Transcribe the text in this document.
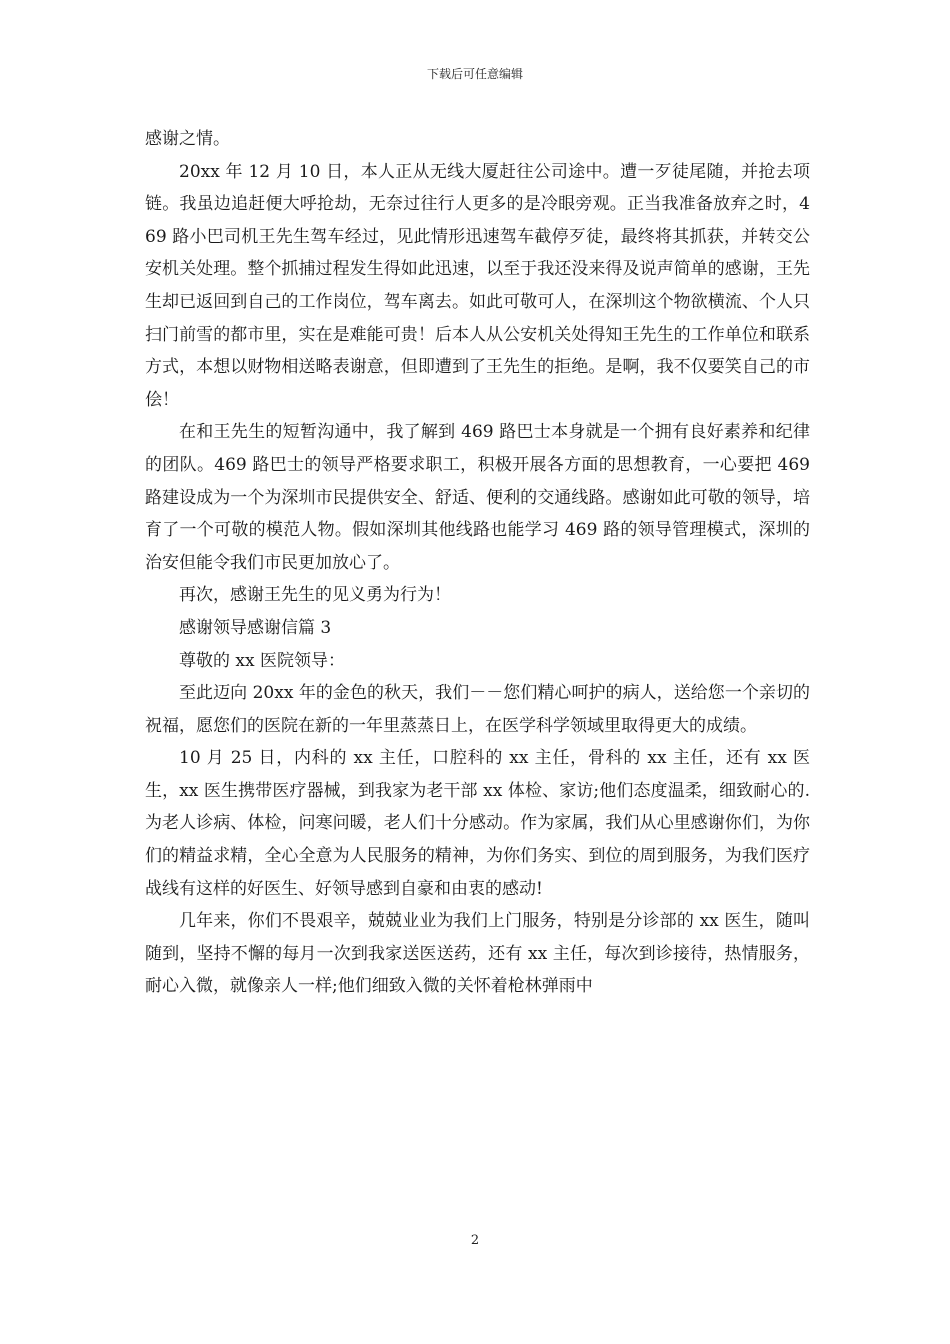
下载后可任意编辑

感谢之情。

20xx 年 12 月 10 日，本人正从无线大厦赶往公司途中。遭一歹徒尾随，并抢去项链。我虽边追赶便大呼抢劫，无奈过往行人更多的是冷眼旁观。正当我准备放弃之时，469 路小巴司机王先生驾车经过，见此情形迅速驾车截停歹徒，最终将其抓获，并转交公安机关处理。整个抓捕过程发生得如此迅速，以至于我还没来得及说声简单的感谢，王先生却已返回到自己的工作岗位，驾车离去。如此可敬可人，在深圳这个物欲横流、个人只扫门前雪的都市里，实在是难能可贵！后本人从公安机关处得知王先生的工作单位和联系方式，本想以财物相送略表谢意，但即遭到了王先生的拒绝。是啊，我不仅要笑自己的市侩！

在和王先生的短暂沟通中，我了解到 469 路巴士本身就是一个拥有良好素养和纪律的团队。469 路巴士的领导严格要求职工，积极开展各方面的思想教育，一心要把 469 路建设成为一个为深圳市民提供安全、舒适、便利的交通线路。感谢如此可敬的领导，培育了一个可敬的模范人物。假如深圳其他线路也能学习 469 路的领导管理模式，深圳的治安但能令我们市民更加放心了。

再次，感谢王先生的见义勇为行为！

感谢领导感谢信篇 3

尊敬的 xx 医院领导：

至此迈向 20xx 年的金色的秋天，我们－－您们精心呵护的病人，送给您一个亲切的祝福，愿您们的医院在新的一年里蒸蒸日上，在医学科学领域里取得更大的成绩。

10 月 25 日，内科的 xx 主任，口腔科的 xx 主任，骨科的 xx 主任，还有 xx 医生，xx 医生携带医疗器械，到我家为老干部 xx 体检、家访;他们态度温柔，细致耐心的.为老人诊病、体检，问寒问暖，老人们十分感动。作为家属，我们从心里感谢你们，为你们的精益求精，全心全意为人民服务的精神，为你们务实、到位的周到服务，为我们医疗战线有这样的好医生、好领导感到自豪和由衷的感动!

几年来，你们不畏艰辛，兢兢业业为我们上门服务，特别是分诊部的 xx 医生，随叫随到，坚持不懈的每月一次到我家送医送药，还有 xx 主任，每次到诊接待，热情服务，耐心入微，就像亲人一样;他们细致入微的关怀着枪林弹雨中

2
